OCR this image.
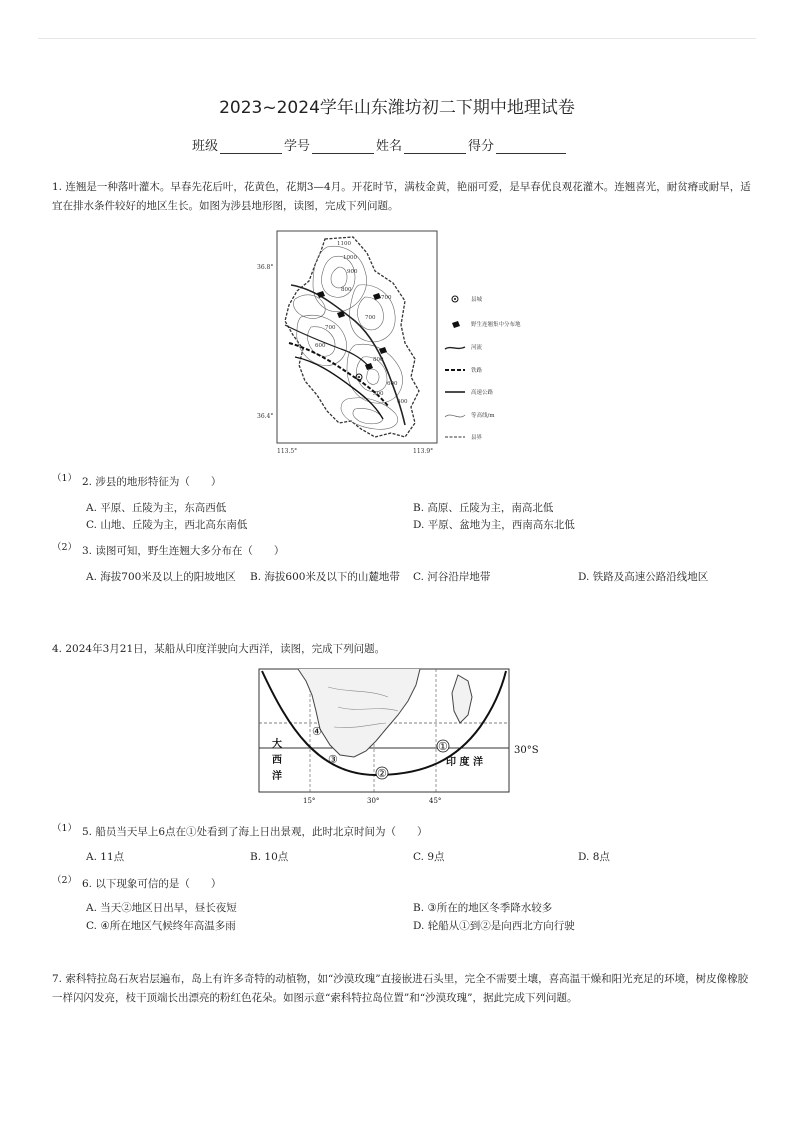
2023~2024学年山东潍坊初二下期中地理试卷
班级	学号	姓名	得分
1. 连翘是一种落叶灌木。早春先花后叶，花黄色，花期3—4月。开花时节，满枝金黄，艳丽可爱，是早春优良观花灌木。连翘喜光，耐贫瘠或耐旱，适宜在排水条件较好的地区生长。如图为涉县地形图，读图，完成下列问题。
36.8°
36.4°
113.5°	113.9°
1100
1000
900
800
700
700
600
700
800
600
600
900
县城
野生连翘集中分布地
河流
铁路
高速公路
等高线/m
县界
（1） 2. 涉县的地形特征为（　　）
A. 平原、丘陵为主，东高西低	B. 高原、丘陵为主，南高北低
C. 山地、丘陵为主，西北高东南低	D. 平原、盆地为主，西南高东北低
（2） 3. 读图可知，野生连翘大多分布在（　　）
A. 海拔700米及以上的阳坡地区	B. 海拔600米及以下的山麓地带	C. 河谷沿岸地带	D. 铁路及高速公路沿线地区
4. 2024年3月21日，某船从印度洋驶向大西洋，读图，完成下列问题。
①
②
③
④
大
西
洋
印 度 洋
30°S
15°	30°	45°
（1） 5. 船员当天早上6点在①处看到了海上日出景观，此时北京时间为（　　）
A. 11点	B. 10点	C. 9点	D. 8点
（2） 6. 以下现象可信的是（　　）
A. 当天②地区日出早，昼长夜短	B. ③所在的地区冬季降水较多
C. ④所在地区气候终年高温多雨	D. 轮船从①到②是向西北方向行驶
7. 索科特拉岛石灰岩层遍布，岛上有许多奇特的动植物，如“沙漠玫瑰”直接嵌进石头里，完全不需要土壤，喜高温干燥和阳光充足的环境，树皮像橡胶一样闪闪发亮，枝干顶端长出漂亮的粉红色花朵。如图示意“索科特拉岛位置”和“沙漠玫瑰”，据此完成下列问题。
